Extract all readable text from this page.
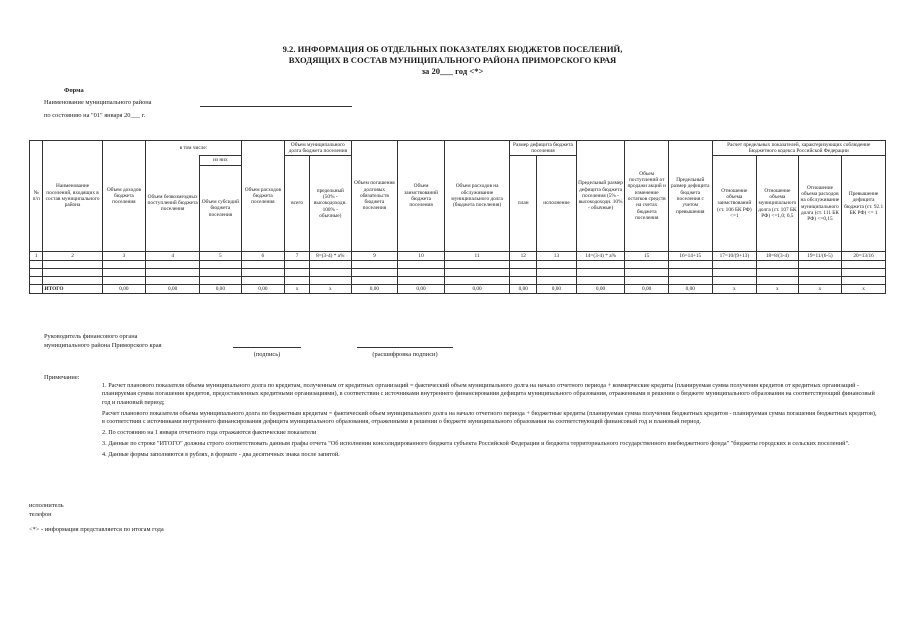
9.2. ИНФОРМАЦИЯ ОБ ОТДЕЛЬНЫХ ПОКАЗАТЕЛЯХ БЮДЖЕТОВ ПОСЕЛЕНИЙ,
ВХОДЯЩИХ В СОСТАВ МУНИЦИПАЛЬНОГО РАЙОНА ПРИМОРСКОГО КРАЯ
за 20___ год <*>
Форма
Наименование муниципального района
по состоянию на "01" января 20___ г.
№ п/п	Наименование поселений, входящих в состав муниципального района	Объем доходов бюджета поселения	в том числе:		Объем расходов бюджета поселения	Объем муниципального долга бюджета поселения		Объем погашения долговых обязательств бюджета поселения	Объем заимствований бюджета поселения	Объем расходов на обслуживание муниципального долга (бюджета поселения)	Размер дефицита бюджета поселения		Предельный размер дефицита бюджета поселения (5% - высокодоходн. 10% - обычные)	Объем поступлений от продажи акций и изменение остатков средств на счетах бюджета поселения	Предельный размер дефицита бюджета поселения с учетом превышения	Расчет предельных показателей, характеризующих соблюдение Бюджетного кодекса Российской Федерации			
			Объем безвозмездных поступлений бюджета поселения	из них		всего	предельный (50% - высокодоходн. 100% - обычные)				план	исполнение				Отношение объема заимствований (ст. 106 БК РФ) <=1	Отношение объема муниципального долга (ст. 107 БК РФ) <=1,0; 0,5	Отношение объема расходов на обслуживание муниципального долга (ст. 111 БК РФ) <=0,15	Превышение дефицита бюджета (ст. 92.1 БК РФ) <= 1
				Объем субсидий бюджета поселения															
1	2	3	4	5	6	7	8=(3-4) * a%	9	10	11	12	13	14=(3-4) * a%	15	16=14+15	17=10/(9+13)	18=8/(3-4)	19=11/(6-5)	20=13/16

	ИТОГО	0,00	0,00	0,00	0,00	х	х	0,00	0,00	0,00	0,00	0,00	0,00	0,00	0,00	х	х	х	х
Руководитель финансового органа
муниципального района Приморского края
(подпись)	(расшифровка подписи)
Примечание:

1. Расчет планового показателя объема муниципального долга по кредитам, полученным от кредитных организаций = фактический объем муниципального долга на начало отчетного периода + коммерческие кредиты (планируемая сумма получения кредитов от кредитных организаций - планируемая сумма погашения кредитов, предоставленных кредитными организациями), в соответствии с источниками внутреннего финансирования дефицита муниципального образования, отраженными в решении о бюджете муниципального образования на соответствующий финансовый год и плановый период;

Расчет планового показателя объема муниципального долга по бюджетным кредитам = фактический объем муниципального долга на начало отчетного периода + бюджетные кредиты (планируемая сумма получения бюджетных кредитов - планируемая сумма погашения бюджетных кредитов), в соответствии с источниками внутреннего финансирования дефицита муниципального образования, отраженными в решении о бюджете муниципального образования на соответствующий финансовый год и плановый период.

2. По состоянию на 1 января отчетного года отражаются фактические показатели

3. Данные по строке "ИТОГО" должны строго соответствовать данным графы отчета "Об исполнении консолидированного бюджета субъекта Российской Федерации и бюджета территориального государственного внебюджетного фонда" "бюджеты городских и сельских поселений".

4. Данные формы заполняются в рублях, в формате - два десятичных знака после запятой.

исполнитель
телефон
<*> - информация представляется по итогам года
